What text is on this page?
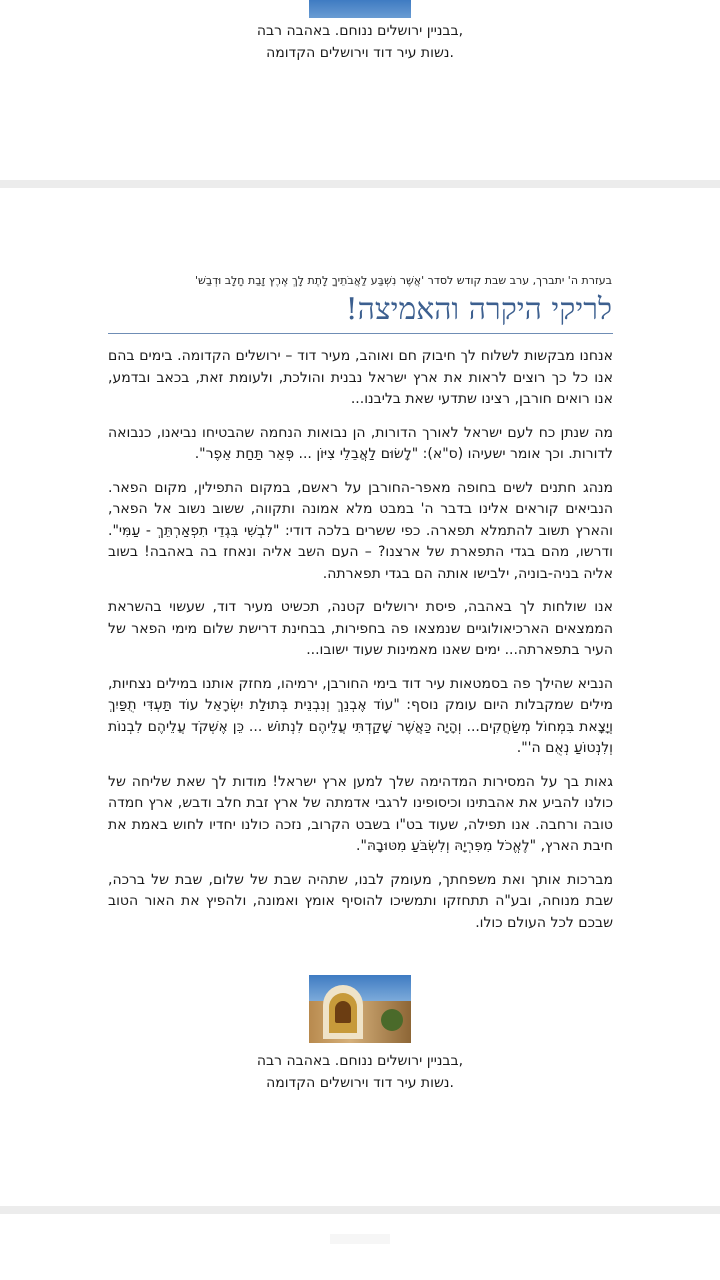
בבניין ירושלים ננוחם. באהבה רבה,
נשות עיר דוד וירושלים הקדומה.
בעזרת ה' יתברך, ערב שבת קודש לסדר 'אֲשֶׁר נִשְׁבַּע לַאֲבֹתֵיךָ לָתֶת לָךְ אֶרֶץ זָבַת חָלָב וּדְבַשׁ'
לריקי היקרה והאמיצה!

אנחנו מבקשות לשלוח לך חיבוק חם ואוהב, מעיר דוד – ירושלים הקדומה. בימים בהם אנו כל כך רוצים לראות את ארץ ישראל נבנית והולכת, ולעומת זאת, בכאב ובדמע, אנו רואים חורבן, רצינו שתדעי שאת בליבנו...

מה שנתן כח לעם ישראל לאורך הדורות, הן נבואות הנחמה שהבטיחו נביאנו, כנבואה לדורות. וכך אומר ישעיהו (ס"א): "לָשׂוּם לַאֲבֵלֵי צִיּוֹן ... פְּאֵר תַּחַת אֵפֶר".

מנהג חתנים לשים בחופה מאפר-החורבן על ראשם, במקום התפילין, מקום הפאר. הנביאים קוראים אלינו בדבר ה' במבט מלא אמונה ותקווה, ששוב נשוב אל הפאר, והארץ תשוב להתמלא תפארה. כפי ששרים בלכה דודי: "לִבְשִׁי בִּגְדֵי תִפְאַרְתֵּךְ - עַמִּי". ודרשו, מהם בגדי התפארת של ארצנו? – העם השב אליה ונאחז בה באהבה! בשוב אליה בניה-בוניה, ילבישו אותה הם בגדי תפארתה.

אנו שולחות לך באהבה, פיסת ירושלים קטנה, תכשיט מעיר דוד, שעשוי בהשראת הממצאים הארכיאולוגיים שנמצאו פה בחפירות, בבחינת דרישת שלום מימי הפאר של העיר בתפארתה... ימים שאנו מאמינות שעוד ישובו...

הנביא שהילך פה בסמטאות עיר דוד בימי החורבן, ירמיהו, מחזק אותנו במילים נצחיות, מילים שמקבלות היום עומק נוסף: "עוֹד אֶבְנֵךְ וְנִבְנֵית בְּתוּלַת יִשְׂרָאֵל עוֹד תַּעְדִּי תֻפַּיִךְ וְיָצָאת בִּמְחוֹל מְשַׂחֲקִים... וְהָיָה כַּאֲשֶׁר שָׁקַדְתִּי עֲלֵיהֶם לִנְתוֹשׁ ... כֵּן אֶשְׁקֹד עֲלֵיהֶם לִבְנוֹת וְלִנְטוֹעַ נְאֻם ה'".

גאות בך על המסירות המדהימה שלך למען ארץ ישראל! מודות לך שאת שליחה של כולנו להביע את אהבתינו וכיסופינו לרגבי אדמתה של ארץ זבת חלב ודבש, ארץ חמדה טובה ורחבה. אנו תפילה, שעוד בט"ו בשבט הקרוב, נזכה כולנו יחדיו לחוש באמת את חיבת הארץ, "לֶאֱכֹל מִפִּרְיָהּ וְלִשְׂבֹּעַ מִטּוּבָהּ".

מברכות אותך ואת משפחתך, מעומק לבנו, שתהיה שבת של שלום, שבת של ברכה, שבת מנוחה, ובע"ה תתחזקו ותמשיכו להוסיף אומץ ואמונה, ולהפיץ את האור הטוב שבכם לכל העולם כולו.

בבניין ירושלים ננוחם. באהבה רבה,
נשות עיר דוד וירושלים הקדומה.
